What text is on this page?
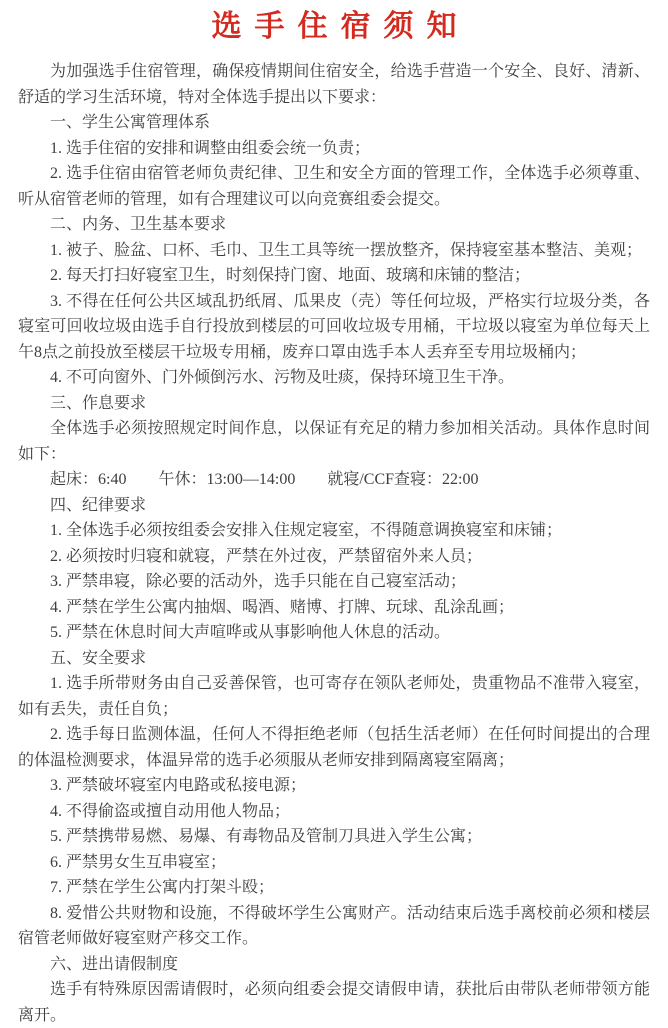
选手住宿须知

为加强选手住宿管理，确保疫情期间住宿安全，给选手营造一个安全、良好、清新、舒适的学习生活环境，特对全体选手提出以下要求：

一、学生公寓管理体系

1. 选手住宿的安排和调整由组委会统一负责；

2. 选手住宿由宿管老师负责纪律、卫生和安全方面的管理工作，全体选手必须尊重、听从宿管老师的管理，如有合理建议可以向竞赛组委会提交。

二、内务、卫生基本要求

1. 被子、脸盆、口杯、毛巾、卫生工具等统一摆放整齐，保持寝室基本整洁、美观；

2. 每天打扫好寝室卫生，时刻保持门窗、地面、玻璃和床铺的整洁；

3. 不得在任何公共区域乱扔纸屑、瓜果皮（壳）等任何垃圾，严格实行垃圾分类，各寝室可回收垃圾由选手自行投放到楼层的可回收垃圾专用桶，干垃圾以寝室为单位每天上午8点之前投放至楼层干垃圾专用桶，废弃口罩由选手本人丢弃至专用垃圾桶内；

4. 不可向窗外、门外倾倒污水、污物及吐痰，保持环境卫生干净。

三、作息要求

全体选手必须按照规定时间作息，以保证有充足的精力参加相关活动。具体作息时间如下：

起床：6:40　　午休：13:00—14:00　　就寝/CCF查寝：22:00

四、纪律要求

1. 全体选手必须按组委会安排入住规定寝室，不得随意调换寝室和床铺；

2. 必须按时归寝和就寝，严禁在外过夜，严禁留宿外来人员；

3. 严禁串寝，除必要的活动外，选手只能在自己寝室活动；

4. 严禁在学生公寓内抽烟、喝酒、赌博、打牌、玩球、乱涂乱画；

5. 严禁在休息时间大声喧哗或从事影响他人休息的活动。

五、安全要求

1. 选手所带财务由自己妥善保管，也可寄存在领队老师处，贵重物品不准带入寝室，如有丢失，责任自负；

2. 选手每日监测体温，任何人不得拒绝老师（包括生活老师）在任何时间提出的合理的体温检测要求，体温异常的选手必须服从老师安排到隔离寝室隔离；

3. 严禁破坏寝室内电路或私接电源；

4. 不得偷盗或擅自动用他人物品；

5. 严禁携带易燃、易爆、有毒物品及管制刀具进入学生公寓；

6. 严禁男女生互串寝室；

7. 严禁在学生公寓内打架斗殴；

8. 爱惜公共财物和设施，不得破坏学生公寓财产。活动结束后选手离校前必须和楼层宿管老师做好寝室财产移交工作。

六、进出请假制度

选手有特殊原因需请假时，必须向组委会提交请假申请，获批后由带队老师带领方能离开。
